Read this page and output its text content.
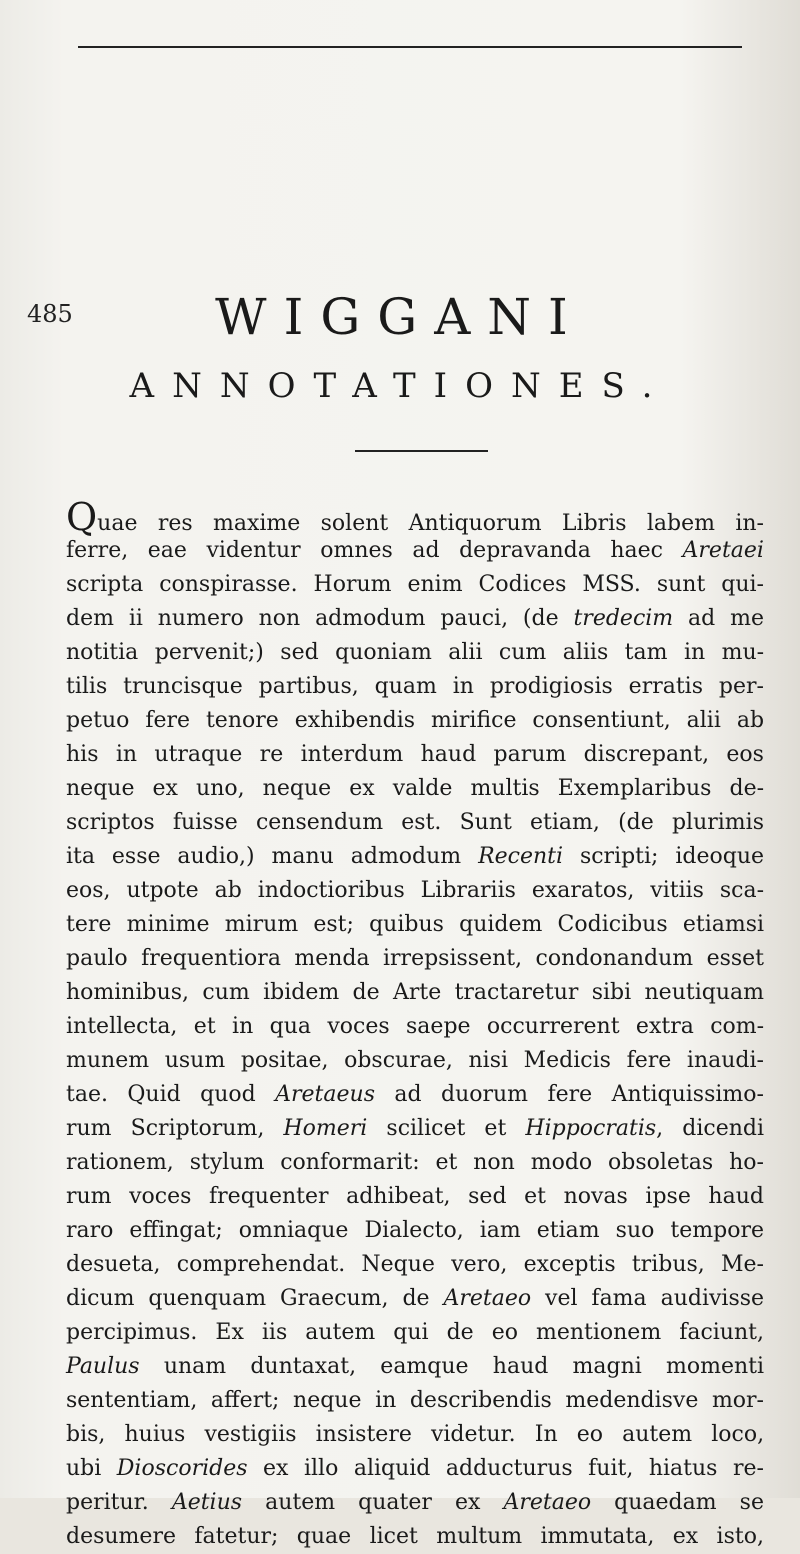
485	WIGGANI
ANNOTATIONES.
Quae res maxime solent Antiquorum Libris labem in-
ferre, eae videntur omnes ad depravanda haec Aretaei
scripta conspirasse. Horum enim Codices MSS. sunt qui-
dem ii numero non admodum pauci, (de tredecim ad me
notitia pervenit;) sed quoniam alii cum aliis tam in mu-
tilis truncisque partibus, quam in prodigiosis erratis per-
petuo fere tenore exhibendis mirifice consentiunt, alii ab
his in utraque re interdum haud parum discrepant, eos
neque ex uno, neque ex valde multis Exemplaribus de-
scriptos fuisse censendum est. Sunt etiam, (de plurimis
ita esse audio,) manu admodum Recenti scripti; ideoque
eos, utpote ab indoctioribus Librariis exaratos, vitiis sca-
tere minime mirum est; quibus quidem Codicibus etiamsi
paulo frequentiora menda irrepsissent, condonandum esset
hominibus, cum ibidem de Arte tractaretur sibi neutiquam
intellecta, et in qua voces saepe occurrerent extra com-
munem usum positae, obscurae, nisi Medicis fere inaudi-
tae. Quid quod Aretaeus ad duorum fere Antiquissimo-
rum Scriptorum, Homeri scilicet et Hippocratis, dicendi
rationem, stylum conformarit: et non modo obsoletas ho-
rum voces frequenter adhibeat, sed et novas ipse haud
raro effingat; omniaque Dialecto, iam etiam suo tempore
desueta, comprehendat. Neque vero, exceptis tribus, Me-
dicum quenquam Graecum, de Aretaeo vel fama audivisse
percipimus. Ex iis autem qui de eo mentionem faciunt,
Paulus unam duntaxat, eamque haud magni momenti
sententiam, affert; neque in describendis medendisve mor-
bis, huius vestigiis insistere videtur. In eo autem loco,
ubi Dioscorides ex illo aliquid adducturus fuit, hiatus re-
peritur. Aetius autem quater ex Aretaeo quaedam se
desumere fatetur; quae licet multum immutata, ex isto,
